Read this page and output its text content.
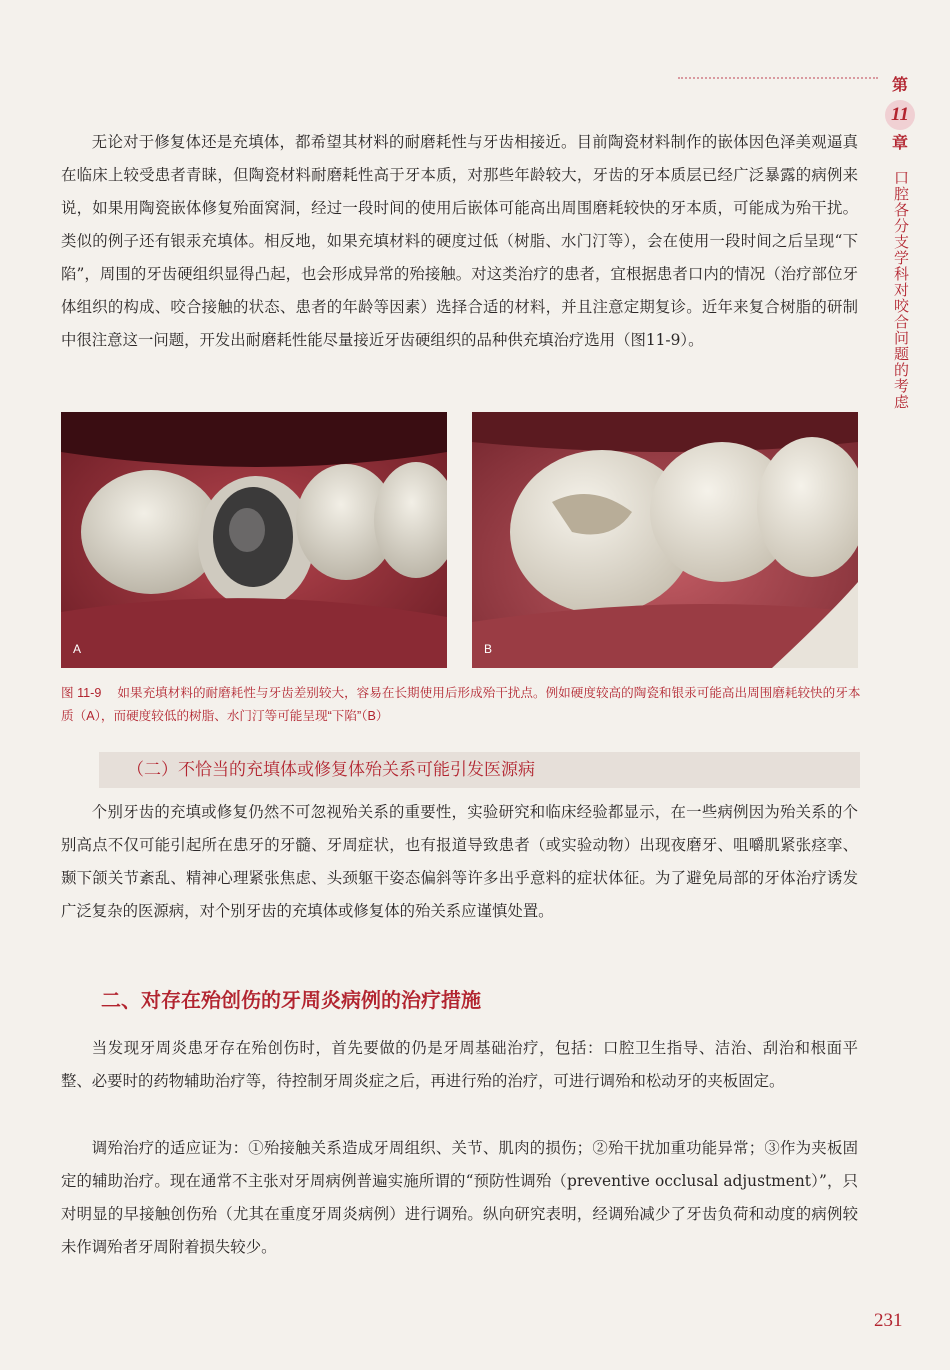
第
11
章
口腔各分支学科对咬合问题的考虑

无论对于修复体还是充填体，都希望其材料的耐磨耗性与牙齿相接近。目前陶瓷材料制作的嵌体因色泽美观逼真在临床上较受患者青睐，但陶瓷材料耐磨耗性高于牙本质，对那些年龄较大，牙齿的牙本质层已经广泛暴露的病例来说，如果用陶瓷嵌体修复殆面窝洞，经过一段时间的使用后嵌体可能高出周围磨耗较快的牙本质，可能成为殆干扰。类似的例子还有银汞充填体。相反地，如果充填材料的硬度过低（树脂、水门汀等），会在使用一段时间之后呈现“下陷”，周围的牙齿硬组织显得凸起，也会形成异常的殆接触。对这类治疗的患者，宜根据患者口内的情况（治疗部位牙体组织的构成、咬合接触的状态、患者的年龄等因素）选择合适的材料，并且注意定期复诊。近年来复合树脂的研制中很注意这一问题，开发出耐磨耗性能尽量接近牙齿硬组织的品种供充填治疗选用（图11-9）。

A	B

图 11-9 如果充填材料的耐磨耗性与牙齿差别较大，容易在长期使用后形成殆干扰点。例如硬度较高的陶瓷和银汞可能高出周围磨耗较快的牙本质（A），而硬度较低的树脂、水门汀等可能呈现“下陷”（B）

（二）不恰当的充填体或修复体殆关系可能引发医源病

个别牙齿的充填或修复仍然不可忽视殆关系的重要性，实验研究和临床经验都显示，在一些病例因为殆关系的个别高点不仅可能引起所在患牙的牙髓、牙周症状，也有报道导致患者（或实验动物）出现夜磨牙、咀嚼肌紧张痉挛、颞下颌关节紊乱、精神心理紧张焦虑、头颈躯干姿态偏斜等许多出乎意料的症状体征。为了避免局部的牙体治疗诱发广泛复杂的医源病，对个别牙齿的充填体或修复体的殆关系应谨慎处置。

二、对存在殆创伤的牙周炎病例的治疗措施

当发现牙周炎患牙存在殆创伤时，首先要做的仍是牙周基础治疗，包括：口腔卫生指导、洁治、刮治和根面平整、必要时的药物辅助治疗等，待控制牙周炎症之后，再进行殆的治疗，可进行调殆和松动牙的夹板固定。

调殆治疗的适应证为：①殆接触关系造成牙周组织、关节、肌肉的损伤；②殆干扰加重功能异常；③作为夹板固定的辅助治疗。现在通常不主张对牙周病例普遍实施所谓的“预防性调殆（preventive occlusal adjustment）”，只对明显的早接触创伤殆（尤其在重度牙周炎病例）进行调殆。纵向研究表明，经调殆减少了牙齿负荷和动度的病例较未作调殆者牙周附着损失较少。

231
